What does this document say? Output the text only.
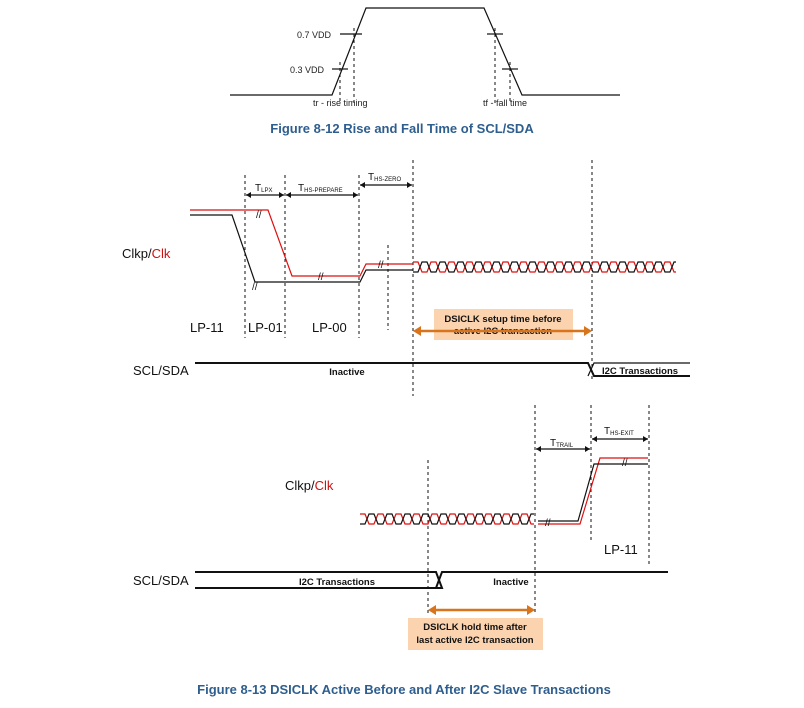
0.7 VDD
0.3 VDD
tr - rise timing	tf - fall time
Figure 8-12 Rise and Fall Time of SCL/SDA
TLPX	THS-PREPARE
THS-ZERO
//
//
//
//
Clkp/Clk
LP-11 LP-01 LP-00
DSICLK setup time before
active I2C transaction
SCL/SDA	Inactive	I2C Transactions
TTRAIL
THS-EXIT
//
//
Clkp/Clk
LP-11
SCL/SDA	I2C Transactions	Inactive
DSICLK hold time after
last active I2C transaction
Figure 8-13 DSICLK Active Before and After I2C Slave Transactions
